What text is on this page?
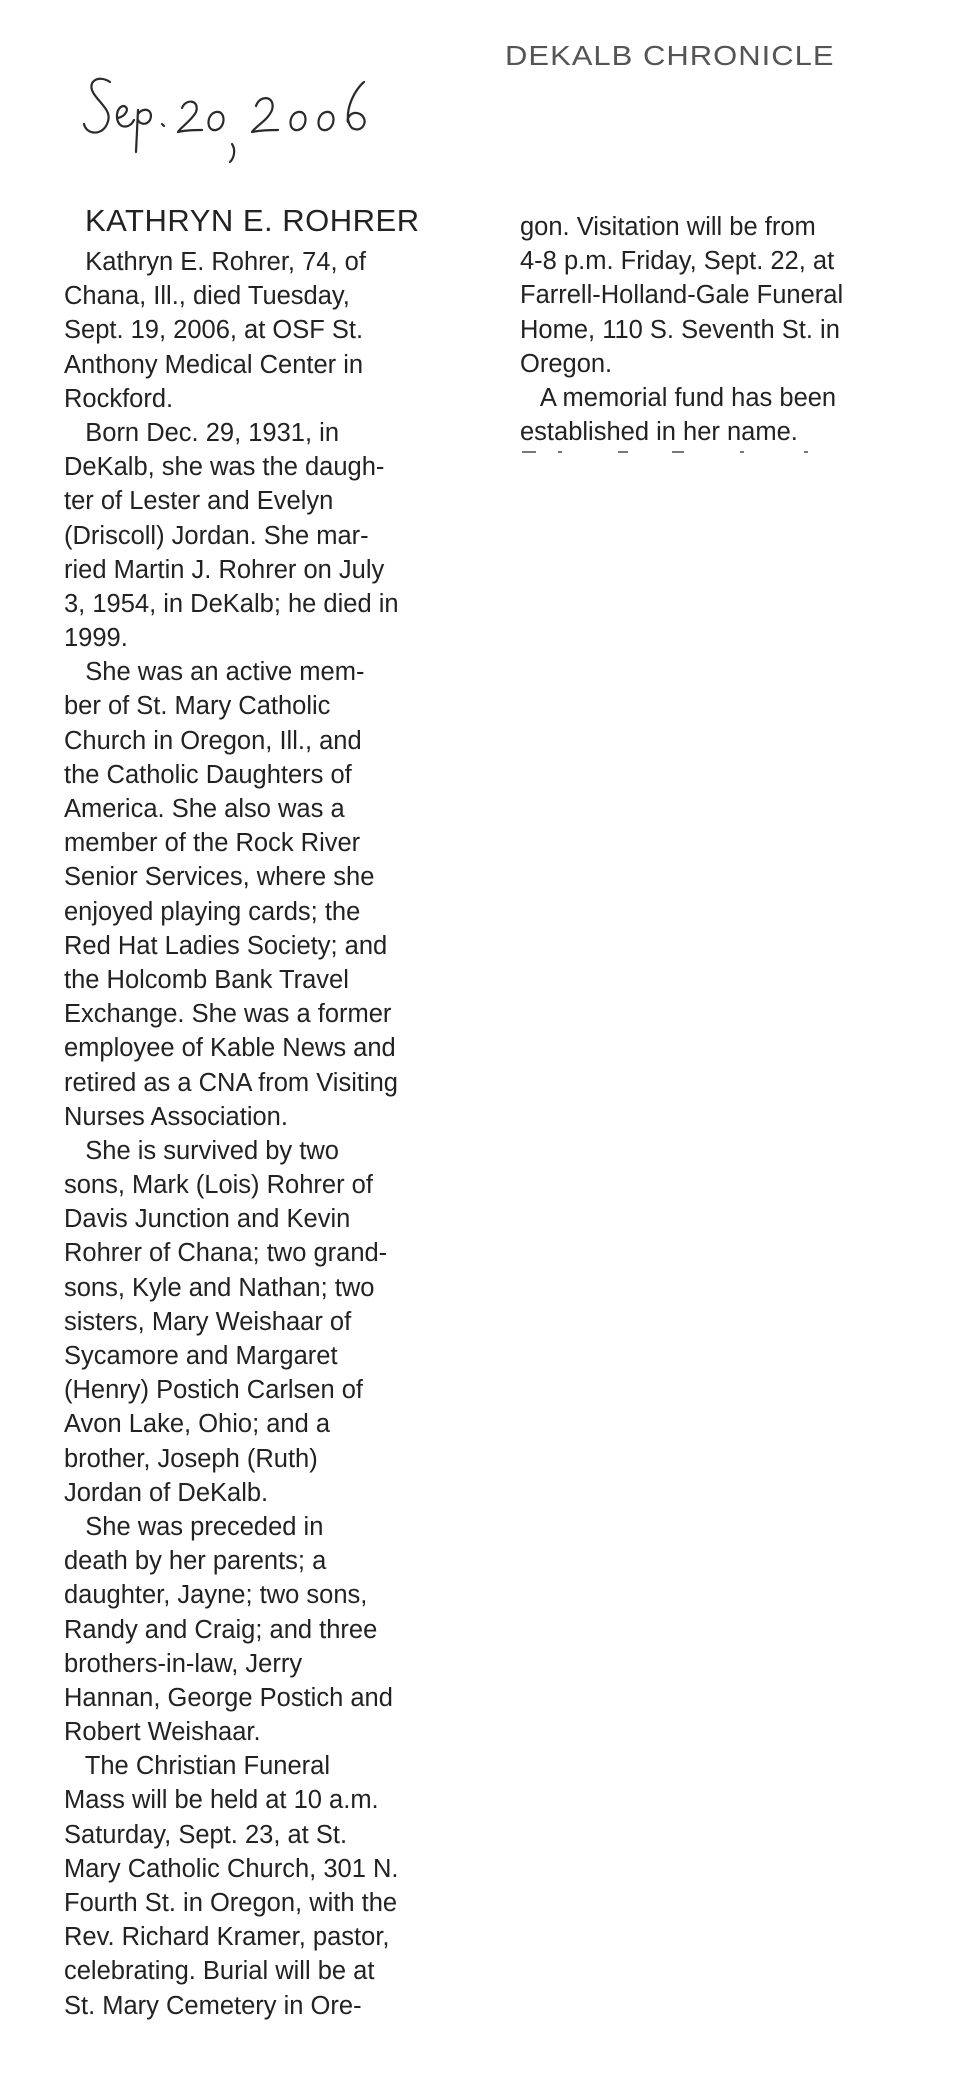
DEKALB CHRONICLE
KATHRYN E. ROHRER
Kathryn E. Rohrer, 74, of
Chana, Ill., died Tuesday,
Sept. 19, 2006, at OSF St.
Anthony Medical Center in
Rockford.
Born Dec. 29, 1931, in
DeKalb, she was the daugh-
ter of Lester and Evelyn
(Driscoll) Jordan. She mar-
ried Martin J. Rohrer on July
3, 1954, in DeKalb; he died in
1999.
She was an active mem-
ber of St. Mary Catholic
Church in Oregon, Ill., and
the Catholic Daughters of
America. She also was a
member of the Rock River
Senior Services, where she
enjoyed playing cards; the
Red Hat Ladies Society; and
the Holcomb Bank Travel
Exchange. She was a former
employee of Kable News and
retired as a CNA from Visiting
Nurses Association.
She is survived by two
sons, Mark (Lois) Rohrer of
Davis Junction and Kevin
Rohrer of Chana; two grand-
sons, Kyle and Nathan; two
sisters, Mary Weishaar of
Sycamore and Margaret
(Henry) Postich Carlsen of
Avon Lake, Ohio; and a
brother, Joseph (Ruth)
Jordan of DeKalb.
She was preceded in
death by her parents; a
daughter, Jayne; two sons,
Randy and Craig; and three
brothers-in-law, Jerry
Hannan, George Postich and
Robert Weishaar.
The Christian Funeral
Mass will be held at 10 a.m.
Saturday, Sept. 23, at St.
Mary Catholic Church, 301 N.
Fourth St. in Oregon, with the
Rev. Richard Kramer, pastor,
celebrating. Burial will be at
St. Mary Cemetery in Ore-
gon. Visitation will be from
4-8 p.m. Friday, Sept. 22, at
Farrell-Holland-Gale Funeral
Home, 110 S. Seventh St. in
Oregon.
A memorial fund has been
established in her name.
